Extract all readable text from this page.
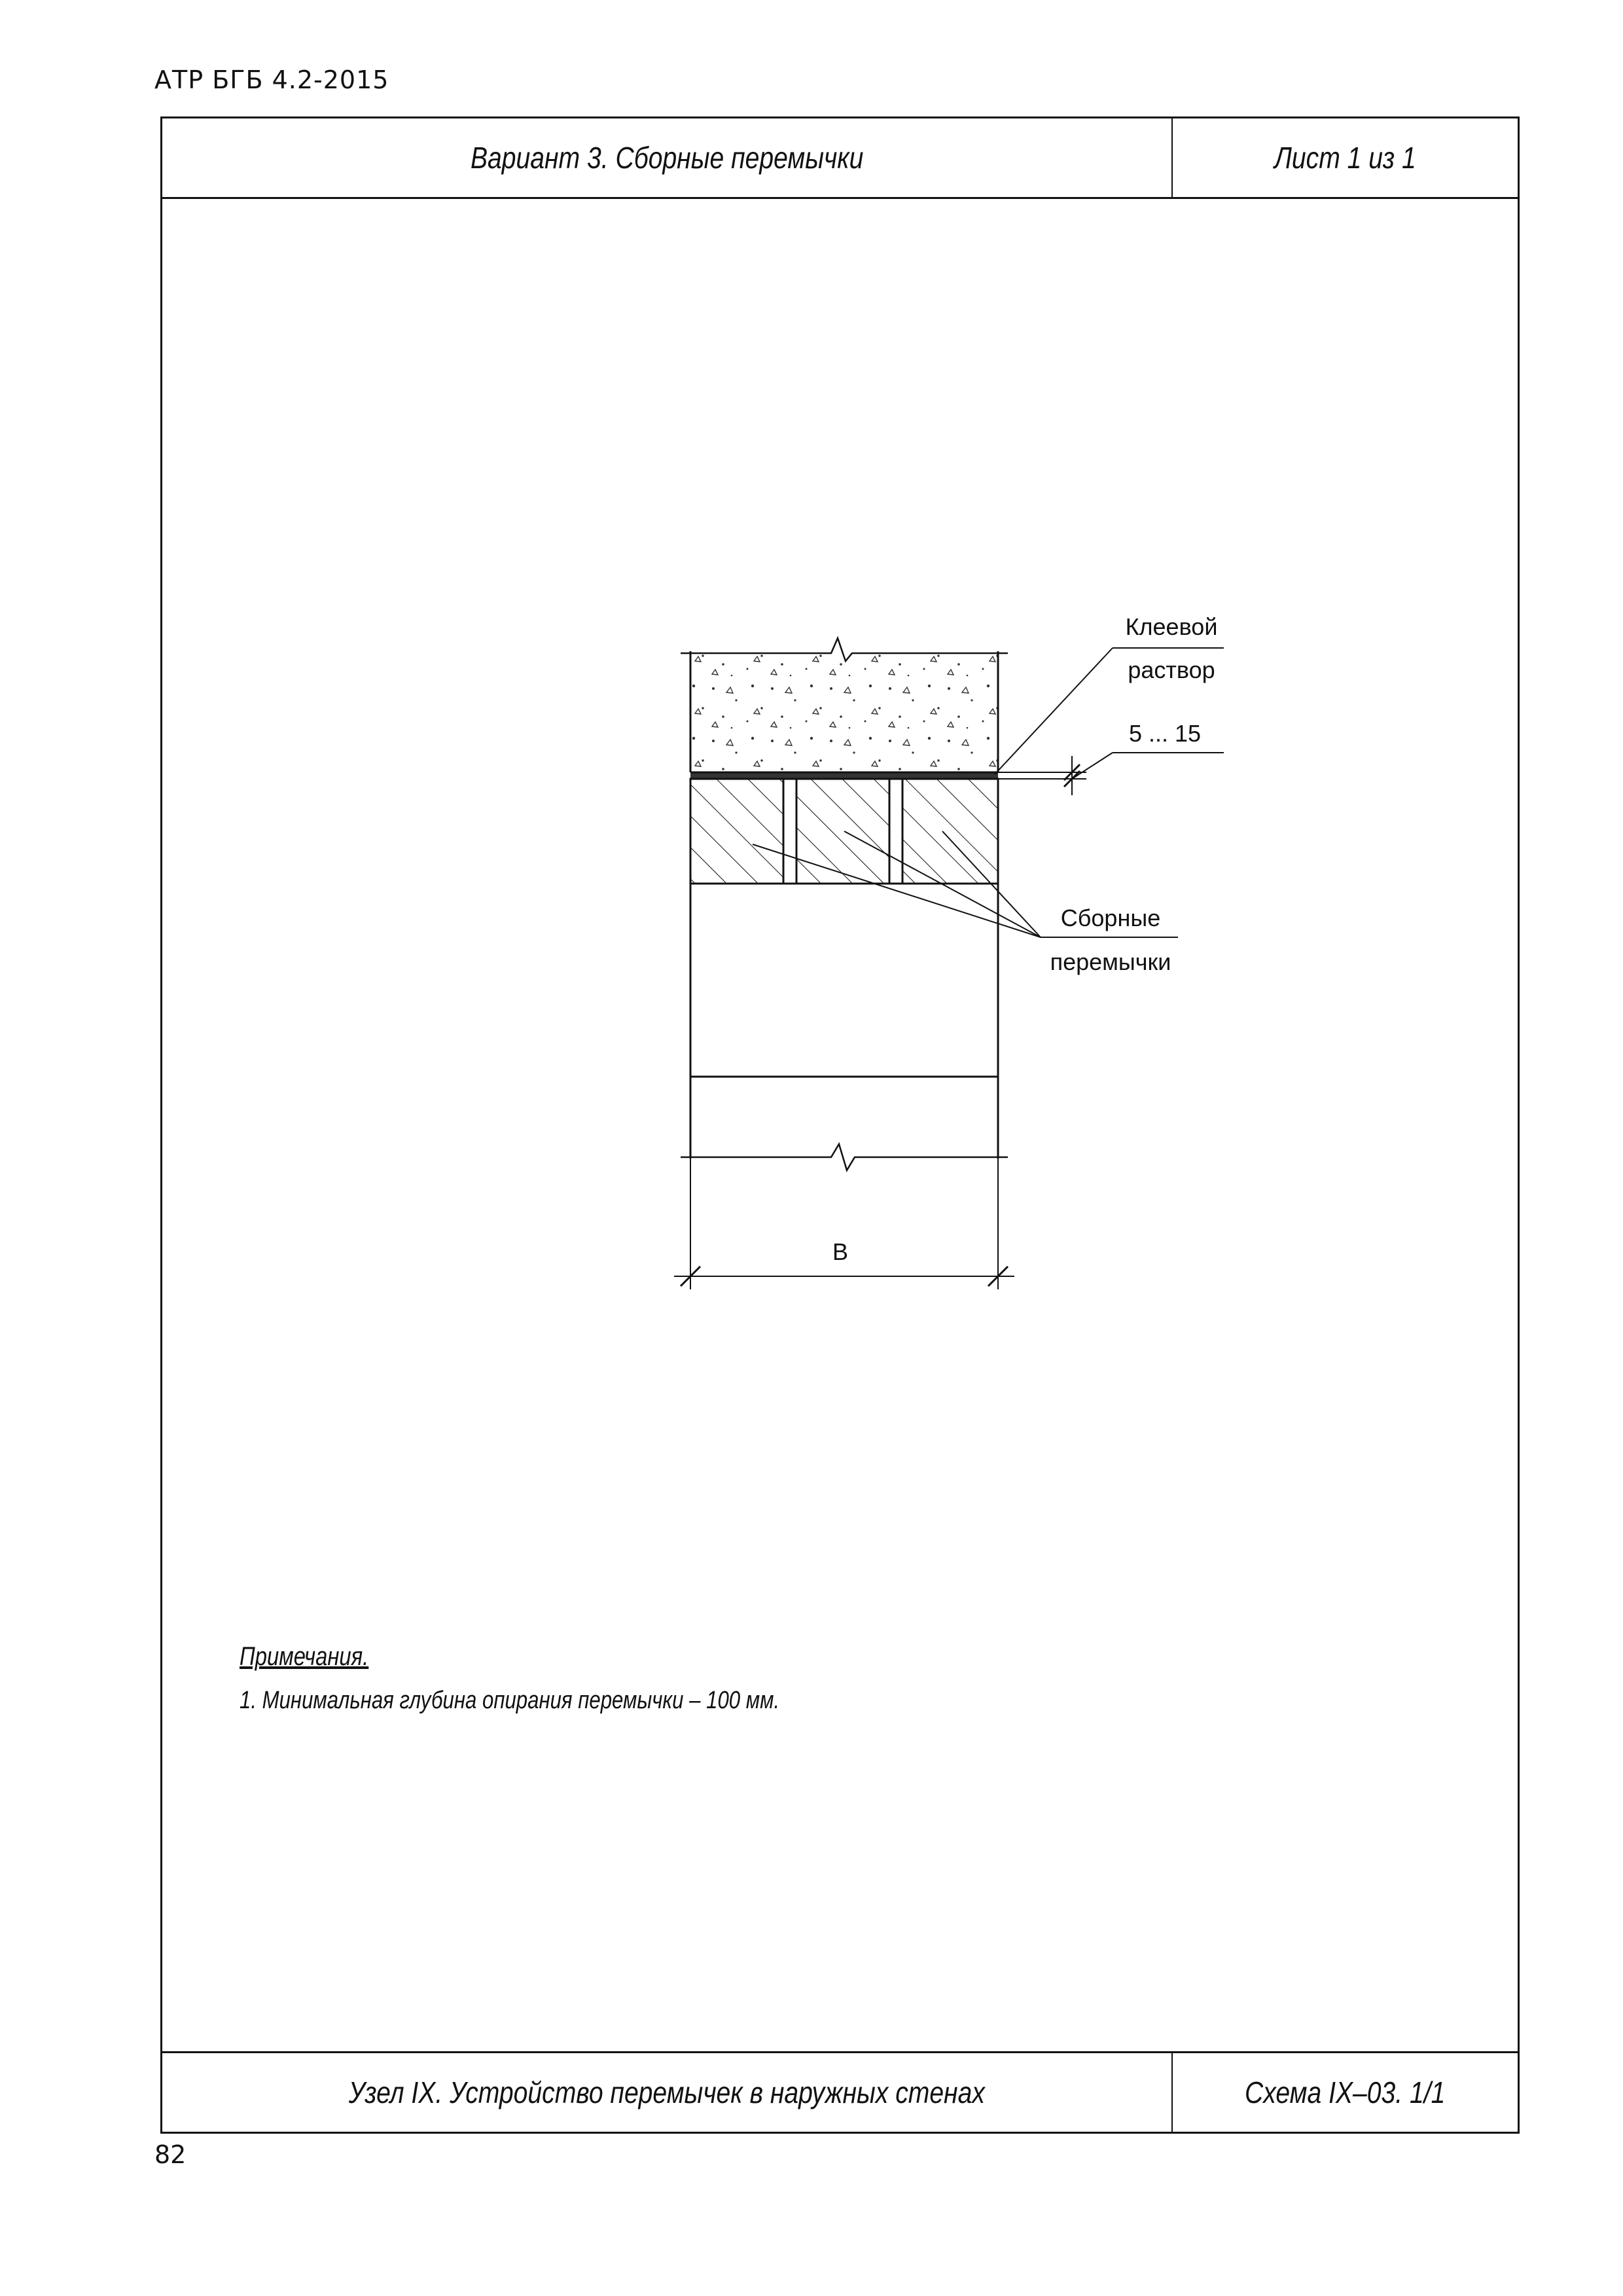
АТР БГБ 4.2-2015
Вариант 3. Сборные перемычки	Лист 1 из 1
Примечания.
1. Минимальная глубина опирания перемычки – 100 мм.
Узел IX. Устройство перемычек в наружных стенах	Схема IX–03. 1/1
B
Клеевой
раствор
5 ... 15
Сборные
перемычки
82
